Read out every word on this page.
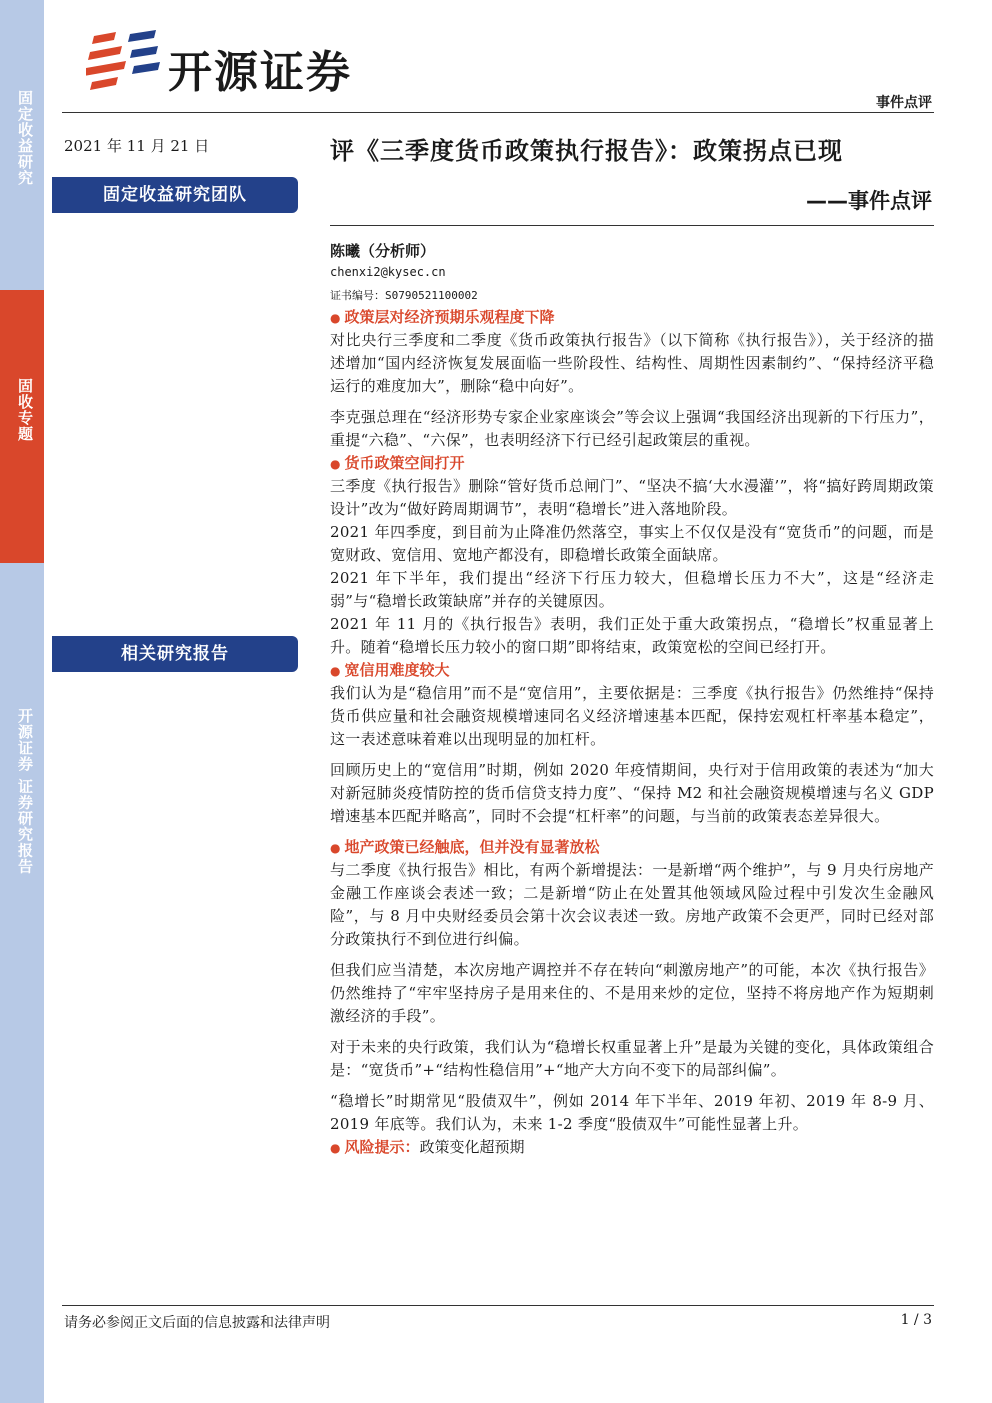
固定收益研究
固收专题
开源证券 证券研究报告
开源证券
事件点评
2021 年 11 月 21 日
固定收益研究团队
相关研究报告
评《三季度货币政策执行报告》：政策拐点已现
——事件点评
陈曦（分析师）
chenxi2@kysec.cn
证书编号：S0790521100002
● 政策层对经济预期乐观程度下降

对比央行三季度和二季度《货币政策执行报告》（以下简称《执行报告》），关于经济的描述增加“国内经济恢复发展面临一些阶段性、结构性、周期性因素制约”、“保持经济平稳运行的难度加大”，删除“稳中向好”。

李克强总理在“经济形势专家企业家座谈会”等会议上强调“我国经济出现新的下行压力”，重提“六稳”、“六保”，也表明经济下行已经引起政策层的重视。

● 货币政策空间打开

三季度《执行报告》删除“管好货币总闸门”、“坚决不搞‘大水漫灌’”，将“搞好跨周期政策设计”改为“做好跨周期调节”，表明“稳增长”进入落地阶段。

2021 年四季度，到目前为止降准仍然落空，事实上不仅仅是没有“宽货币”的问题，而是宽财政、宽信用、宽地产都没有，即稳增长政策全面缺席。

2021 年下半年，我们提出“经济下行压力较大，但稳增长压力不大”，这是“经济走弱”与“稳增长政策缺席”并存的关键原因。

2021 年 11 月的《执行报告》表明，我们正处于重大政策拐点，“稳增长”权重显著上升。随着“稳增长压力较小的窗口期”即将结束，政策宽松的空间已经打开。

● 宽信用难度较大

我们认为是“稳信用”而不是“宽信用”，主要依据是：三季度《执行报告》仍然维持“保持货币供应量和社会融资规模增速同名义经济增速基本匹配，保持宏观杠杆率基本稳定”，这一表述意味着难以出现明显的加杠杆。

回顾历史上的“宽信用”时期，例如 2020 年疫情期间，央行对于信用政策的表述为“加大对新冠肺炎疫情防控的货币信贷支持力度”、“保持 M2 和社会融资规模增速与名义 GDP 增速基本匹配并略高”，同时不会提“杠杆率”的问题，与当前的政策表态差异很大。

● 地产政策已经触底，但并没有显著放松

与二季度《执行报告》相比，有两个新增提法：一是新增“两个维护”，与 9 月央行房地产金融工作座谈会表述一致；二是新增“防止在处置其他领域风险过程中引发次生金融风险”，与 8 月中央财经委员会第十次会议表述一致。房地产政策不会更严，同时已经对部分政策执行不到位进行纠偏。

但我们应当清楚，本次房地产调控并不存在转向“刺激房地产”的可能，本次《执行报告》仍然维持了“牢牢坚持房子是用来住的、不是用来炒的定位，坚持不将房地产作为短期刺激经济的手段”。

对于未来的央行政策，我们认为“稳增长权重显著上升”是最为关键的变化，具体政策组合是：“宽货币”+“结构性稳信用”+“地产大方向不变下的局部纠偏”。

“稳增长”时期常见“股债双牛”，例如 2014 年下半年、2019 年初、2019 年 8-9 月、2019 年底等。我们认为，未来 1-2 季度“股债双牛”可能性显著上升。

● 风险提示：政策变化超预期
请务必参阅正文后面的信息披露和法律声明	1 / 3
